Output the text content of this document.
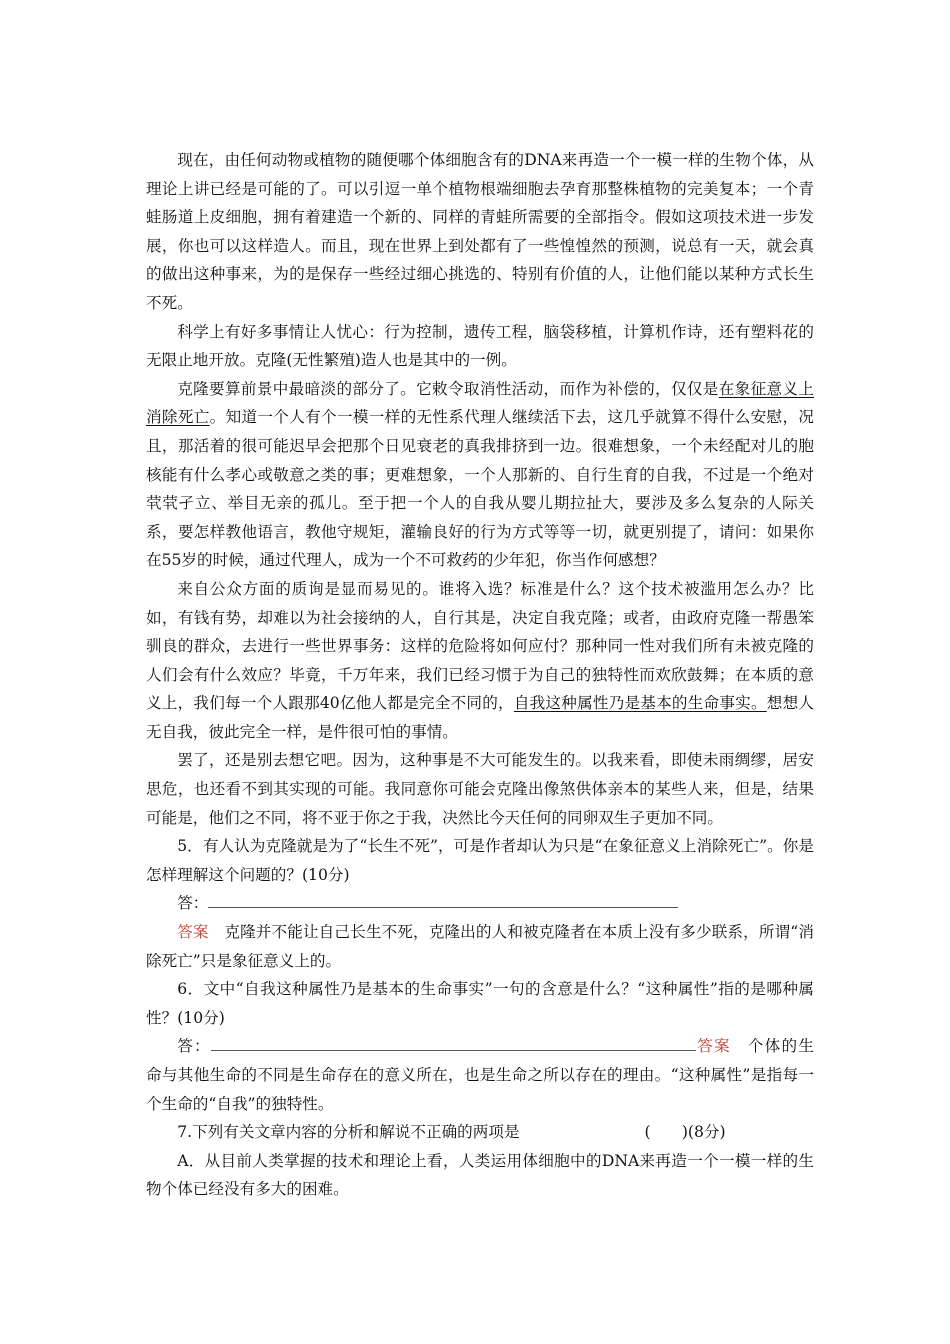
现在，由任何动物或植物的随便哪个体细胞含有的DNA来再造一个一模一样的生物个体，从理论上讲已经是可能的了。可以引逗一单个植物根端细胞去孕育那整株植物的完美复本；一个青蛙肠道上皮细胞，拥有着建造一个新的、同样的青蛙所需要的全部指令。假如这项技术进一步发展，你也可以这样造人。而且，现在世界上到处都有了一些惶惶然的预测，说总有一天，就会真的做出这种事来，为的是保存一些经过细心挑选的、特别有价值的人，让他们能以某种方式长生不死。

科学上有好多事情让人忧心：行为控制，遗传工程，脑袋移植，计算机作诗，还有塑料花的无限止地开放。克隆(无性繁殖)造人也是其中的一例。

克隆要算前景中最暗淡的部分了。它敕令取消性活动，而作为补偿的，仅仅是在象征意义上消除死亡。知道一个人有个一模一样的无性系代理人继续活下去，这几乎就算不得什么安慰，况且，那活着的很可能迟早会把那个日见衰老的真我排挤到一边。很难想象，一个未经配对儿的胞核能有什么孝心或敬意之类的事；更难想象，一个人那新的、自行生育的自我，不过是一个绝对茕茕孑立、举目无亲的孤儿。至于把一个人的自我从婴儿期拉扯大，要涉及多么复杂的人际关系，要怎样教他语言，教他守规矩，灌输良好的行为方式等等一切，就更别提了，请问：如果你在55岁的时候，通过代理人，成为一个不可救药的少年犯，你当作何感想？

来自公众方面的质询是显而易见的。谁将入选？标准是什么？这个技术被滥用怎么办？比如，有钱有势，却难以为社会接纳的人，自行其是，决定自我克隆；或者，由政府克隆一帮愚笨驯良的群众，去进行一些世界事务：这样的危险将如何应付？那种同一性对我们所有未被克隆的人们会有什么效应？毕竟，千万年来，我们已经习惯于为自己的独特性而欢欣鼓舞；在本质的意义上，我们每一个人跟那40亿他人都是完全不同的，自我这种属性乃是基本的生命事实。想想人无自我，彼此完全一样，是件很可怕的事情。

罢了，还是别去想它吧。因为，这种事是不大可能发生的。以我来看，即使未雨绸缪，居安思危，也还看不到其实现的可能。我同意你可能会克隆出像煞供体亲本的某些人来，但是，结果可能是，他们之不同，将不亚于你之于我，决然比今天任何的同卵双生子更加不同。

5．有人认为克隆就是为了“长生不死”，可是作者却认为只是“在象征意义上消除死亡”。你是怎样理解这个问题的？(10分)

答：

答案 克隆并不能让自己长生不死，克隆出的人和被克隆者在本质上没有多少联系，所谓“消除死亡”只是象征意义上的。

6．文中“自我这种属性乃是基本的生命事实”一句的含意是什么？“这种属性”指的是哪种属性？(10分)

答：	答案 个体的生命与其他生命的不同是生命存在的意义所在，也是生命之所以存在的理由。“这种属性”是指每一个生命的“自我”的独特性。

7.下列有关文章内容的分析和解说不正确的两项是	(　　)(8分)

A．从目前人类掌握的技术和理论上看，人类运用体细胞中的DNA来再造一个一模一样的生物个体已经没有多大的困难。
